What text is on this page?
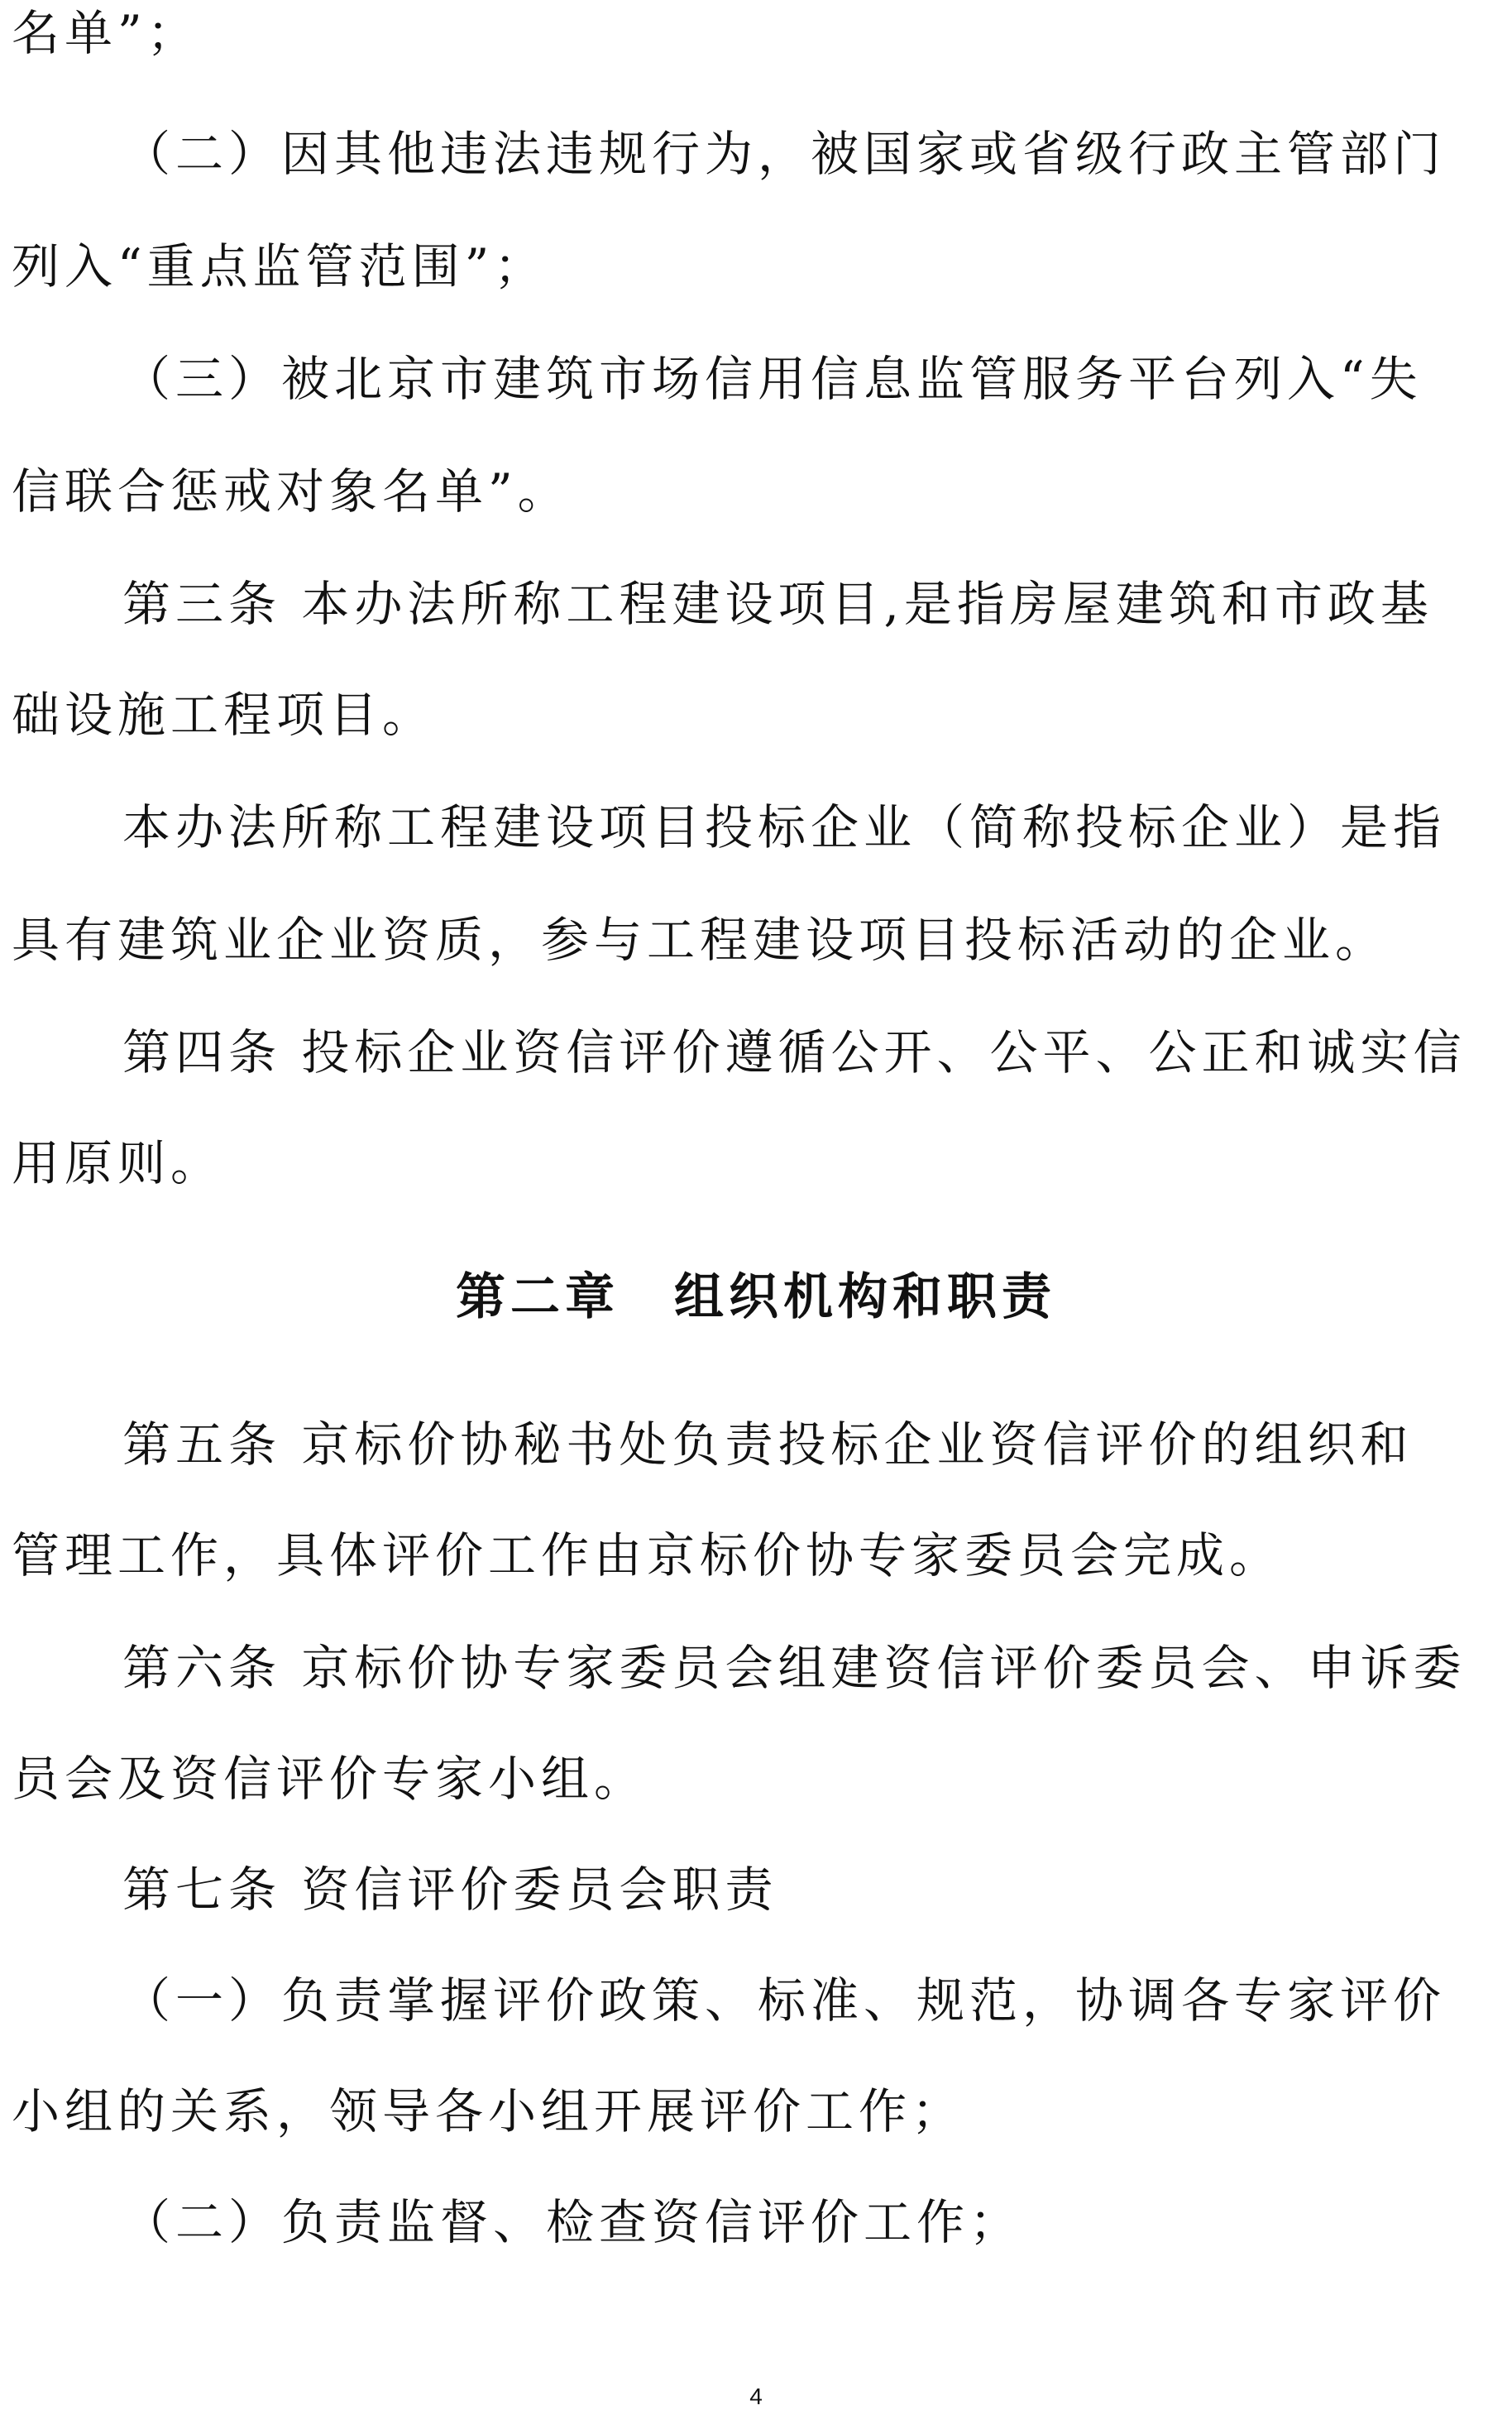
名单”；
（二）因其他违法违规行为，被国家或省级行政主管部门
列入“重点监管范围”；
（三）被北京市建筑市场信用信息监管服务平台列入“失
信联合惩戒对象名单”。
第三条 本办法所称工程建设项目,是指房屋建筑和市政基
础设施工程项目。
本办法所称工程建设项目投标企业（简称投标企业）是指
具有建筑业企业资质，参与工程建设项目投标活动的企业。
第四条 投标企业资信评价遵循公开、公平、公正和诚实信
用原则。
第二章　组织机构和职责
第五条 京标价协秘书处负责投标企业资信评价的组织和
管理工作，具体评价工作由京标价协专家委员会完成。
第六条 京标价协专家委员会组建资信评价委员会、申诉委
员会及资信评价专家小组。
第七条 资信评价委员会职责
（一）负责掌握评价政策、标准、规范，协调各专家评价
小组的关系，领导各小组开展评价工作；
（二）负责监督、检查资信评价工作；
4
